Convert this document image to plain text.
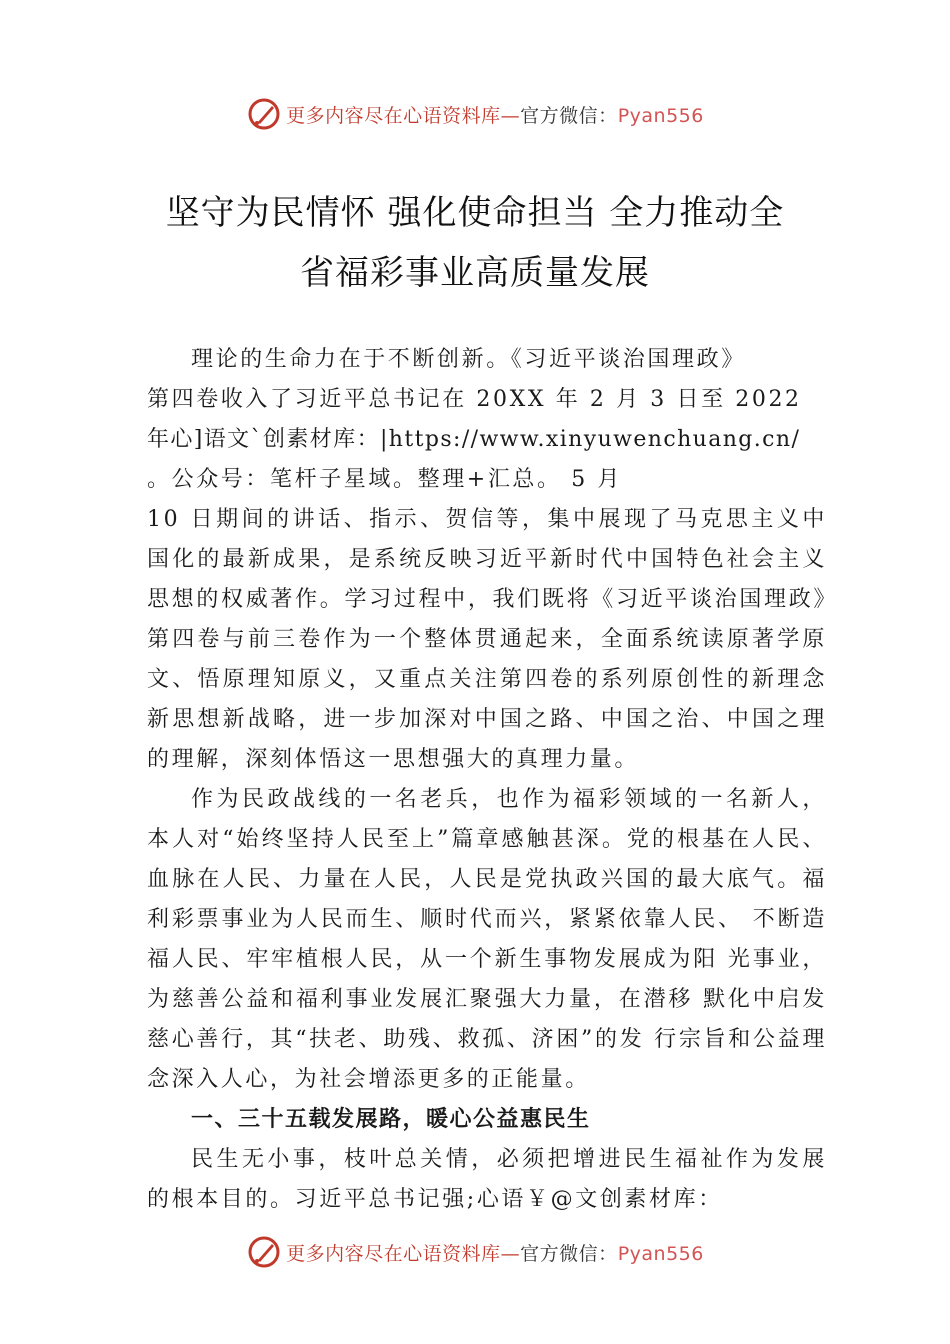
更多内容尽在心语资料库—官方微信：Pyan556
坚守为民情怀 强化使命担当 全力推动全
省福彩事业高质量发展
理论的生命力在于不断创新。《习近平谈治国理政》
第四卷收入了习近平总书记在 20XX 年 2 月 3 日至 2022
年心]语文`创素材库：|https://www.xinyuwenchuang.cn/
。公众号：笔杆子星域。整理+汇总。 5 月
10 日期间的讲话、指示、贺信等，集中展现了马克思主义中国化的最新成果，是系统反映习近平新时代中国特色社会主义思想的权威著作。学习过程中，我们既将《习近平谈治国理政》第四卷与前三卷作为一个整体贯通起来，全面系统读原著学原文、悟原理知原义，又重点关注第四卷的系列原创性的新理念新思想新战略，进一步加深对中国之路、中国之治、中国之理的理解，深刻体悟这一思想强大的真理力量。

作为民政战线的一名老兵，也作为福彩领域的一名新人，本人对“始终坚持人民至上”篇章感触甚深。党的根基在人民、血脉在人民、力量在人民，人民是党执政兴国的最大底气。福利彩票事业为人民而生、顺时代而兴，紧紧依靠人民、 不断造福人民、牢牢植根人民，从一个新生事物发展成为阳 光事业，为慈善公益和福利事业发展汇聚强大力量，在潜移 默化中启发慈心善行，其“扶老、助残、救孤、济困”的发 行宗旨和公益理念深入人心，为社会增添更多的正能量。

一、三十五载发展路，暖心公益惠民生

民生无小事，枝叶总关情，必须把增进民生福祉作为发展的根本目的。习近平总书记强;心语￥@文创素材库：

更多内容尽在心语资料库—官方微信：Pyan556
